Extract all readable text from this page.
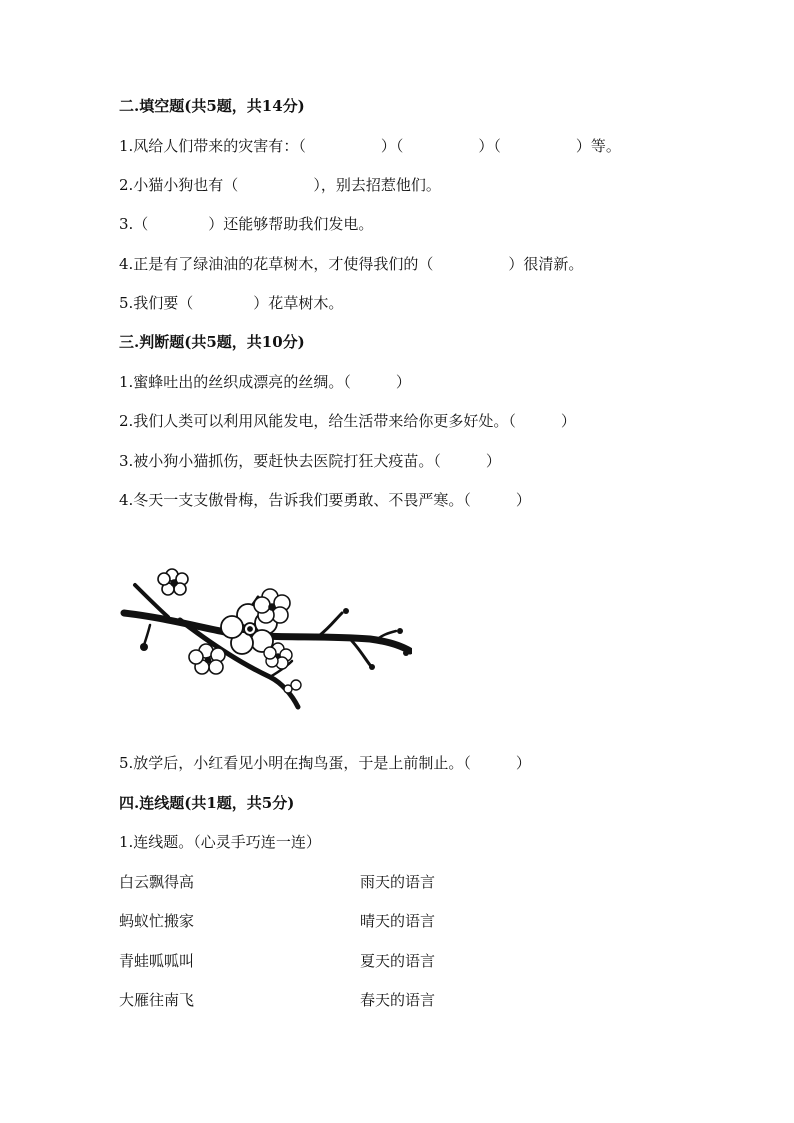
二.填空题(共5题，共14分)
1.风给人们带来的灾害有：（　　　　　）（　　　　　）（　　　　　）等。
2.小猫小狗也有（　　　　　），别去招惹他们。
3.（　　　　）还能够帮助我们发电。
4.正是有了绿油油的花草树木，才使得我们的（　　　　　）很清新。
5.我们要（　　　　）花草树木。
三.判断题(共5题，共10分)
1.蜜蜂吐出的丝织成漂亮的丝绸。（　　　）
2.我们人类可以利用风能发电，给生活带来给你更多好处。（　　　）
3.被小狗小猫抓伤，要赶快去医院打狂犬疫苗。（　　　）
4.冬天一支支傲骨梅，告诉我们要勇敢、不畏严寒。（　　　）
5.放学后，小红看见小明在掏鸟蛋，于是上前制止。（　　　）
四.连线题(共1题，共5分)
1.连线题。（心灵手巧连一连）
白云飘得高	雨天的语言
蚂蚁忙搬家	晴天的语言
青蛙呱呱叫	夏天的语言
大雁往南飞	春天的语言
